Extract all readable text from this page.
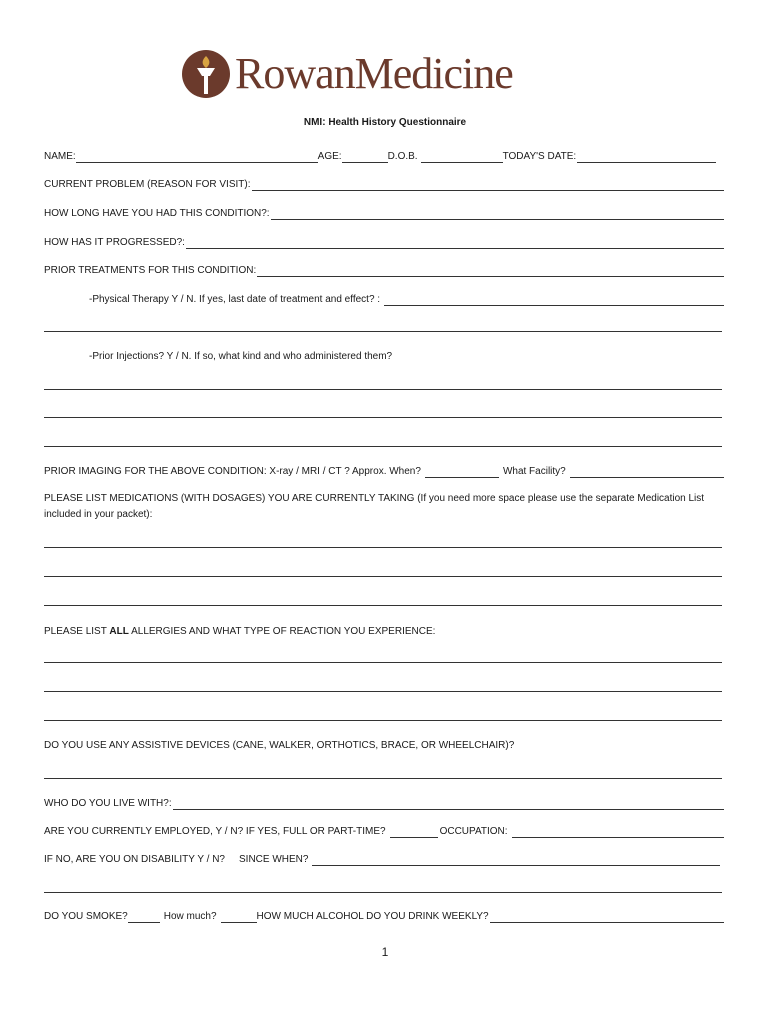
RowanMedicine
NMI: Health History Questionnaire
NAME:	AGE:	D.O.B.	TODAY'S DATE:
CURRENT PROBLEM (REASON FOR VISIT):
HOW LONG HAVE YOU HAD THIS CONDITION?:
HOW HAS IT PROGRESSED?:
PRIOR TREATMENTS FOR THIS CONDITION:
-Physical Therapy Y / N. If yes, last date of treatment and effect? :
-Prior Injections? Y / N. If so, what kind and who administered them?
PRIOR IMAGING FOR THE ABOVE CONDITION: X-ray / MRI / CT ? Approx. When?	What Facility?
PLEASE LIST MEDICATIONS (WITH DOSAGES) YOU ARE CURRENTLY TAKING (If you need more space please use the separate Medication List included in your packet):
PLEASE LIST ALL ALLERGIES AND WHAT TYPE OF REACTION YOU EXPERIENCE:
DO YOU USE ANY ASSISTIVE DEVICES (CANE, WALKER, ORTHOTICS, BRACE, OR WHEELCHAIR)?
WHO DO YOU LIVE WITH?:
ARE YOU CURRENTLY EMPLOYED, Y / N? IF YES, FULL OR PART-TIME?	OCCUPATION:
IF NO, ARE YOU ON DISABILITY Y / N? SINCE WHEN?
DO YOU SMOKE?	How much?	HOW MUCH ALCOHOL DO YOU DRINK WEEKLY?
1
